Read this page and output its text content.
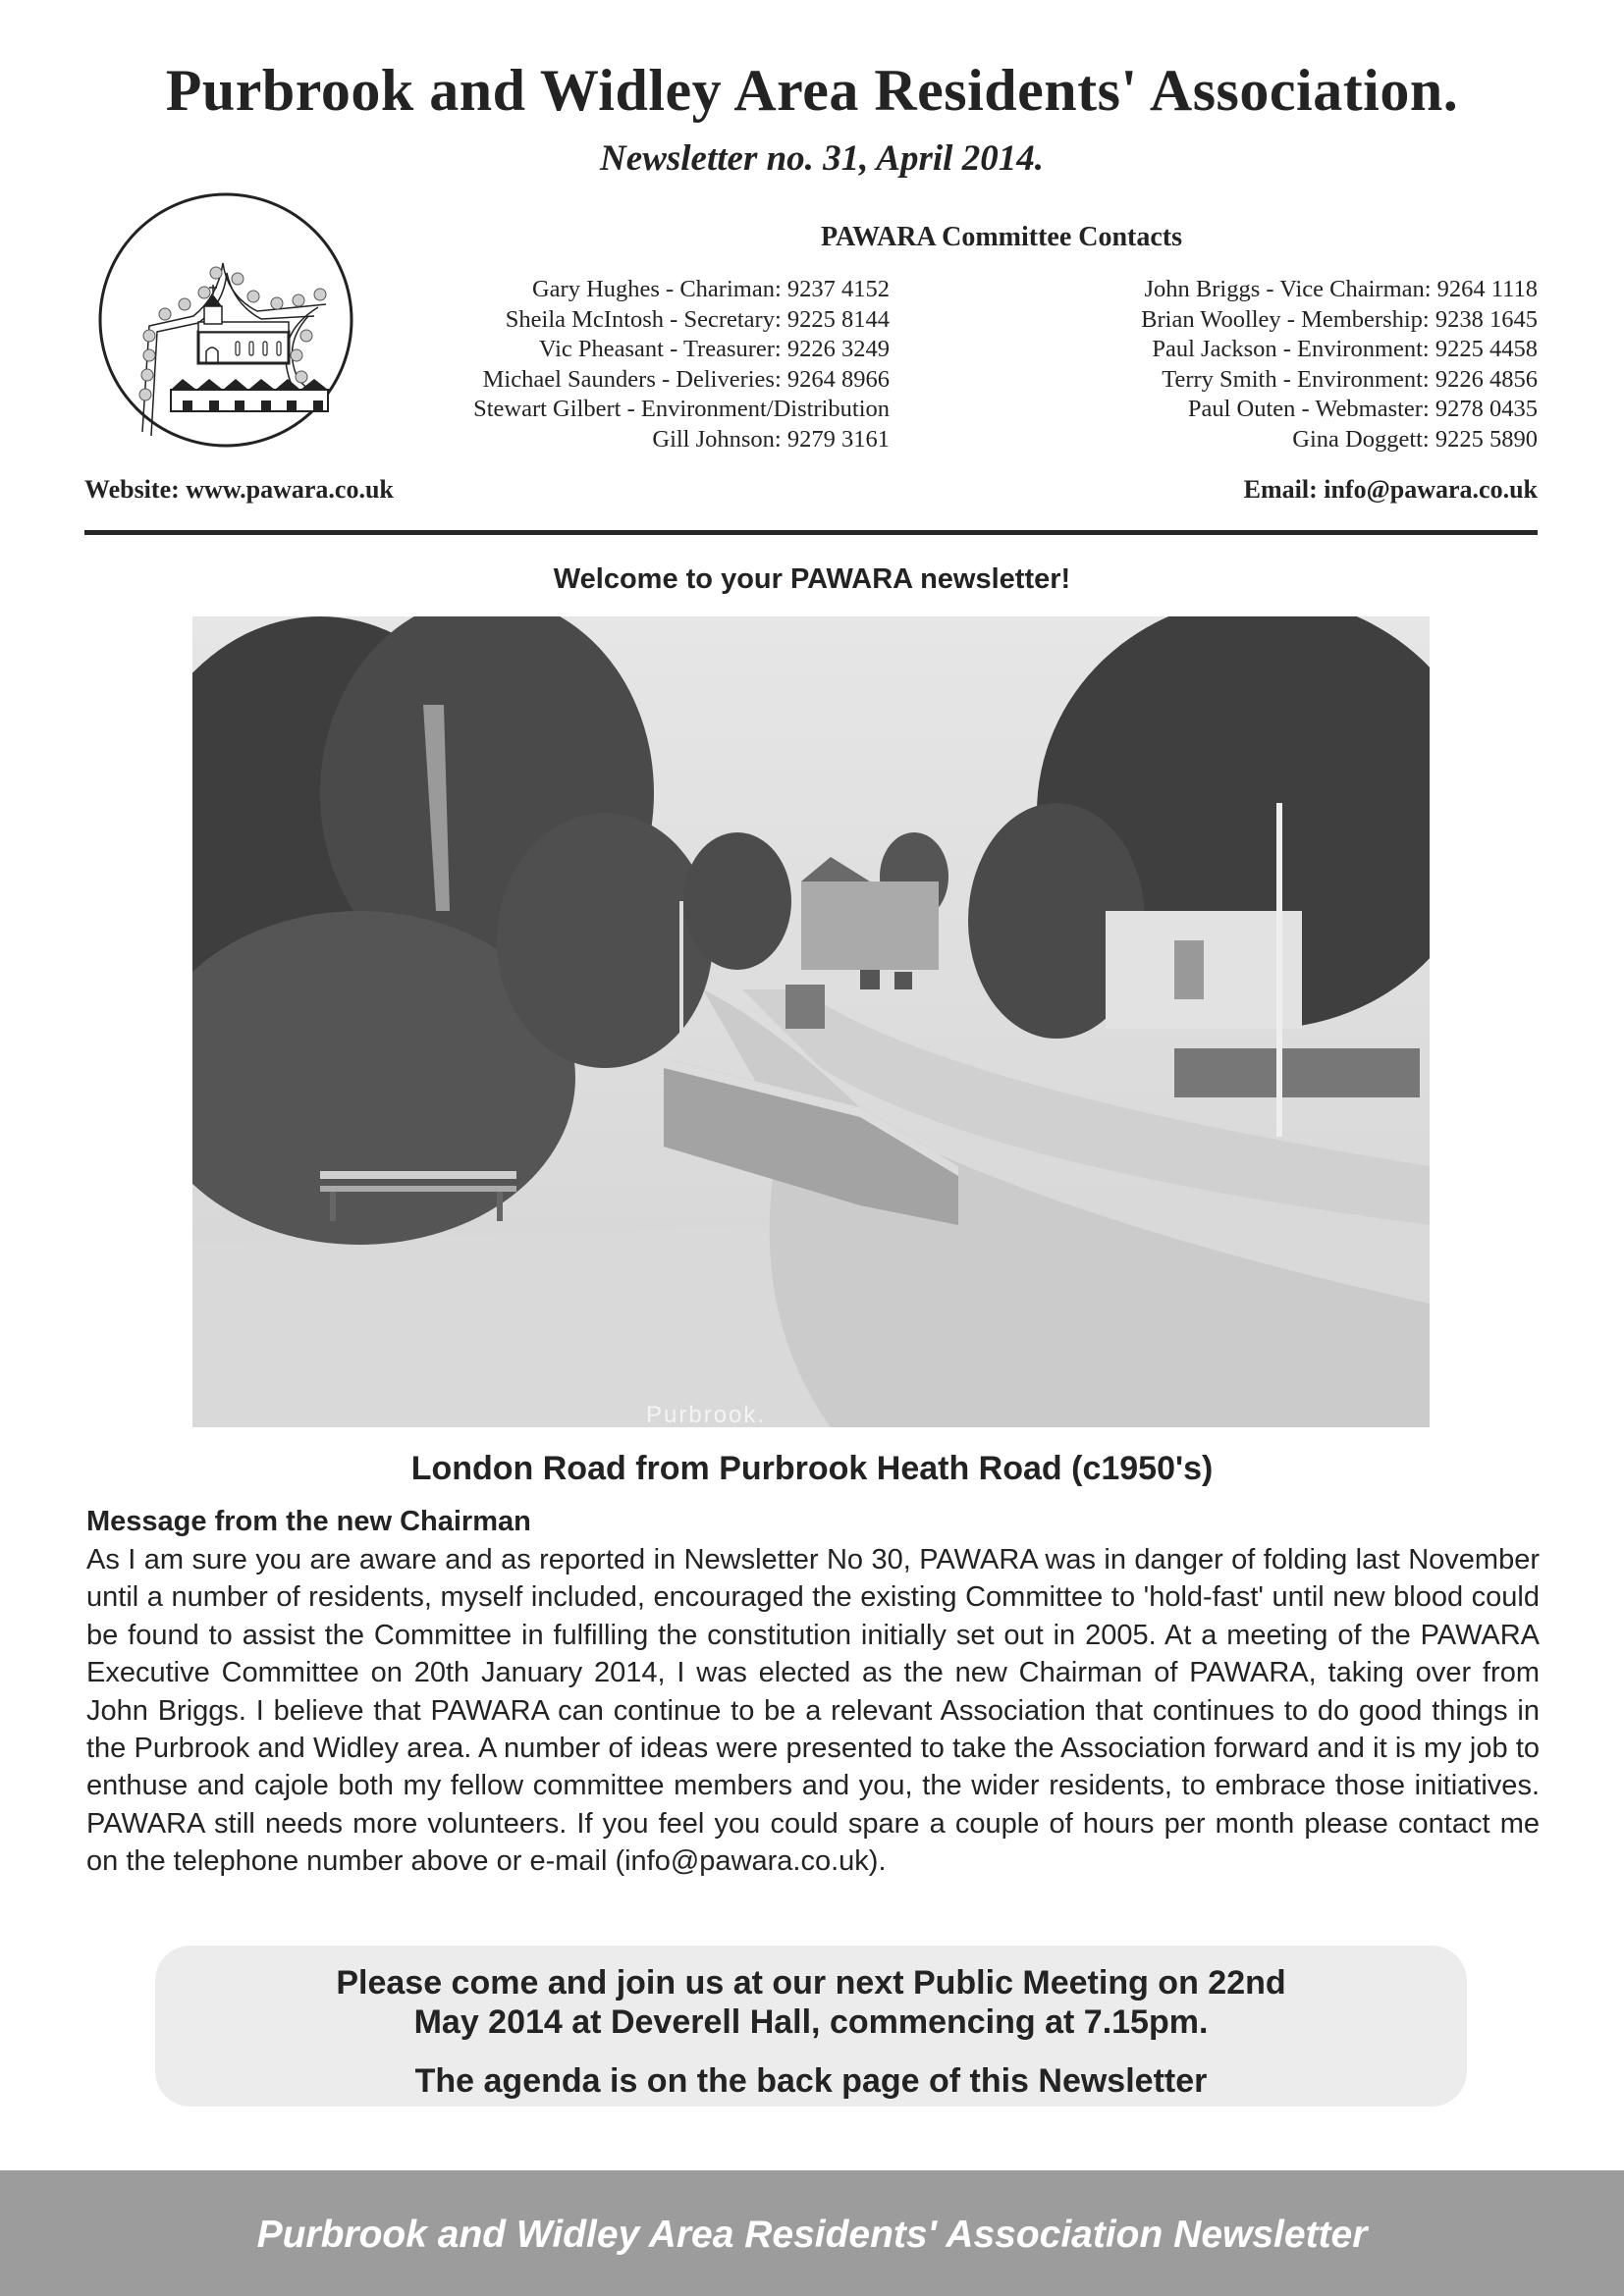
Purbrook and Widley Area Residents' Association.
Newsletter no. 31, April 2014.
PAWARA Committee Contacts
Gary Hughes - Chariman: 9237 4152
Sheila McIntosh - Secretary: 9225 8144
Vic Pheasant - Treasurer: 9226 3249
Michael Saunders - Deliveries: 9264 8966
Stewart Gilbert - Environment/Distribution
Gill Johnson: 9279 3161
John Briggs - Vice Chairman: 9264 1118
Brian Woolley - Membership: 9238 1645
Paul Jackson - Environment: 9225 4458
Terry Smith - Environment: 9226 4856
Paul Outen - Webmaster: 9278 0435
Gina Doggett: 9225 5890
Website: www.pawara.co.uk	Email: info@pawara.co.uk
Welcome to your PAWARA newsletter!
Purbrook.
London Road from Purbrook Heath Road (c1950's)
Message from the new Chairman
As I am sure you are aware and as reported in Newsletter No 30, PAWARA was in danger of folding last November until a number of residents, myself included, encouraged the existing Committee to 'hold-fast' until new blood could be found to assist the Committee in fulfilling the constitution initially set out in 2005. At a meeting of the PAWARA Executive Committee on 20th January 2014, I was elected as the new Chairman of PAWARA, taking over from John Briggs. I believe that PAWARA can continue to be a relevant Association that continues to do good things in the Purbrook and Widley area. A number of ideas were presented to take the Association forward and it is my job to enthuse and cajole both my fellow committee members and you, the wider residents, to embrace those initiatives. PAWARA still needs more volunteers. If you feel you could spare a couple of hours per month please contact me on the telephone number above or e-mail (info@pawara.co.uk).
Please come and join us at our next Public Meeting on 22nd
May 2014 at Deverell Hall, commencing at 7.15pm.
The agenda is on the back page of this Newsletter
Purbrook and Widley Area Residents' Association Newsletter
